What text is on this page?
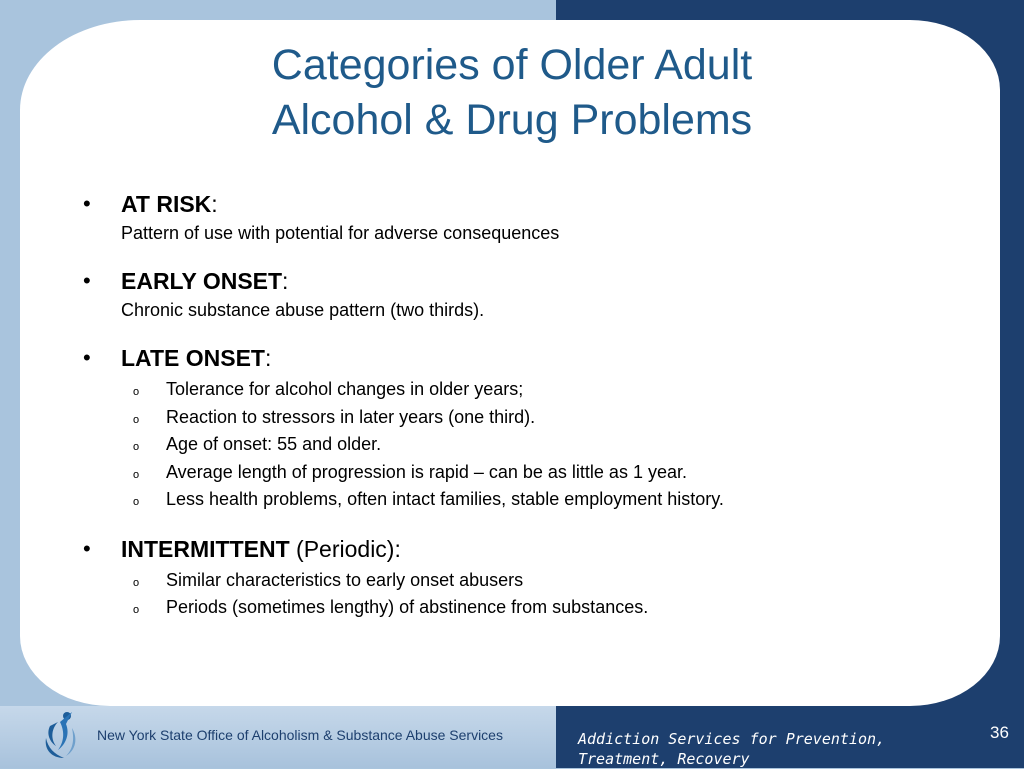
Categories of Older Adult
Alcohol & Drug Problems
• AT RISK:
Pattern of use with potential for adverse consequences
• EARLY ONSET:
Chronic substance abuse pattern (two thirds).
• LATE ONSET:
o Tolerance for alcohol changes in older years;
o Reaction to stressors in later years (one third).
o Age of onset: 55 and older.
o Average length of progression is rapid – can be as little as 1 year.
o Less health problems, often intact families, stable employment history.
• INTERMITTENT (Periodic):
o Similar characteristics to early onset abusers
o Periods (sometimes lengthy) of abstinence from substances.
New York State Office of Alcoholism & Substance Abuse Services	Addiction Services for Prevention,
Treatment, Recovery
36
